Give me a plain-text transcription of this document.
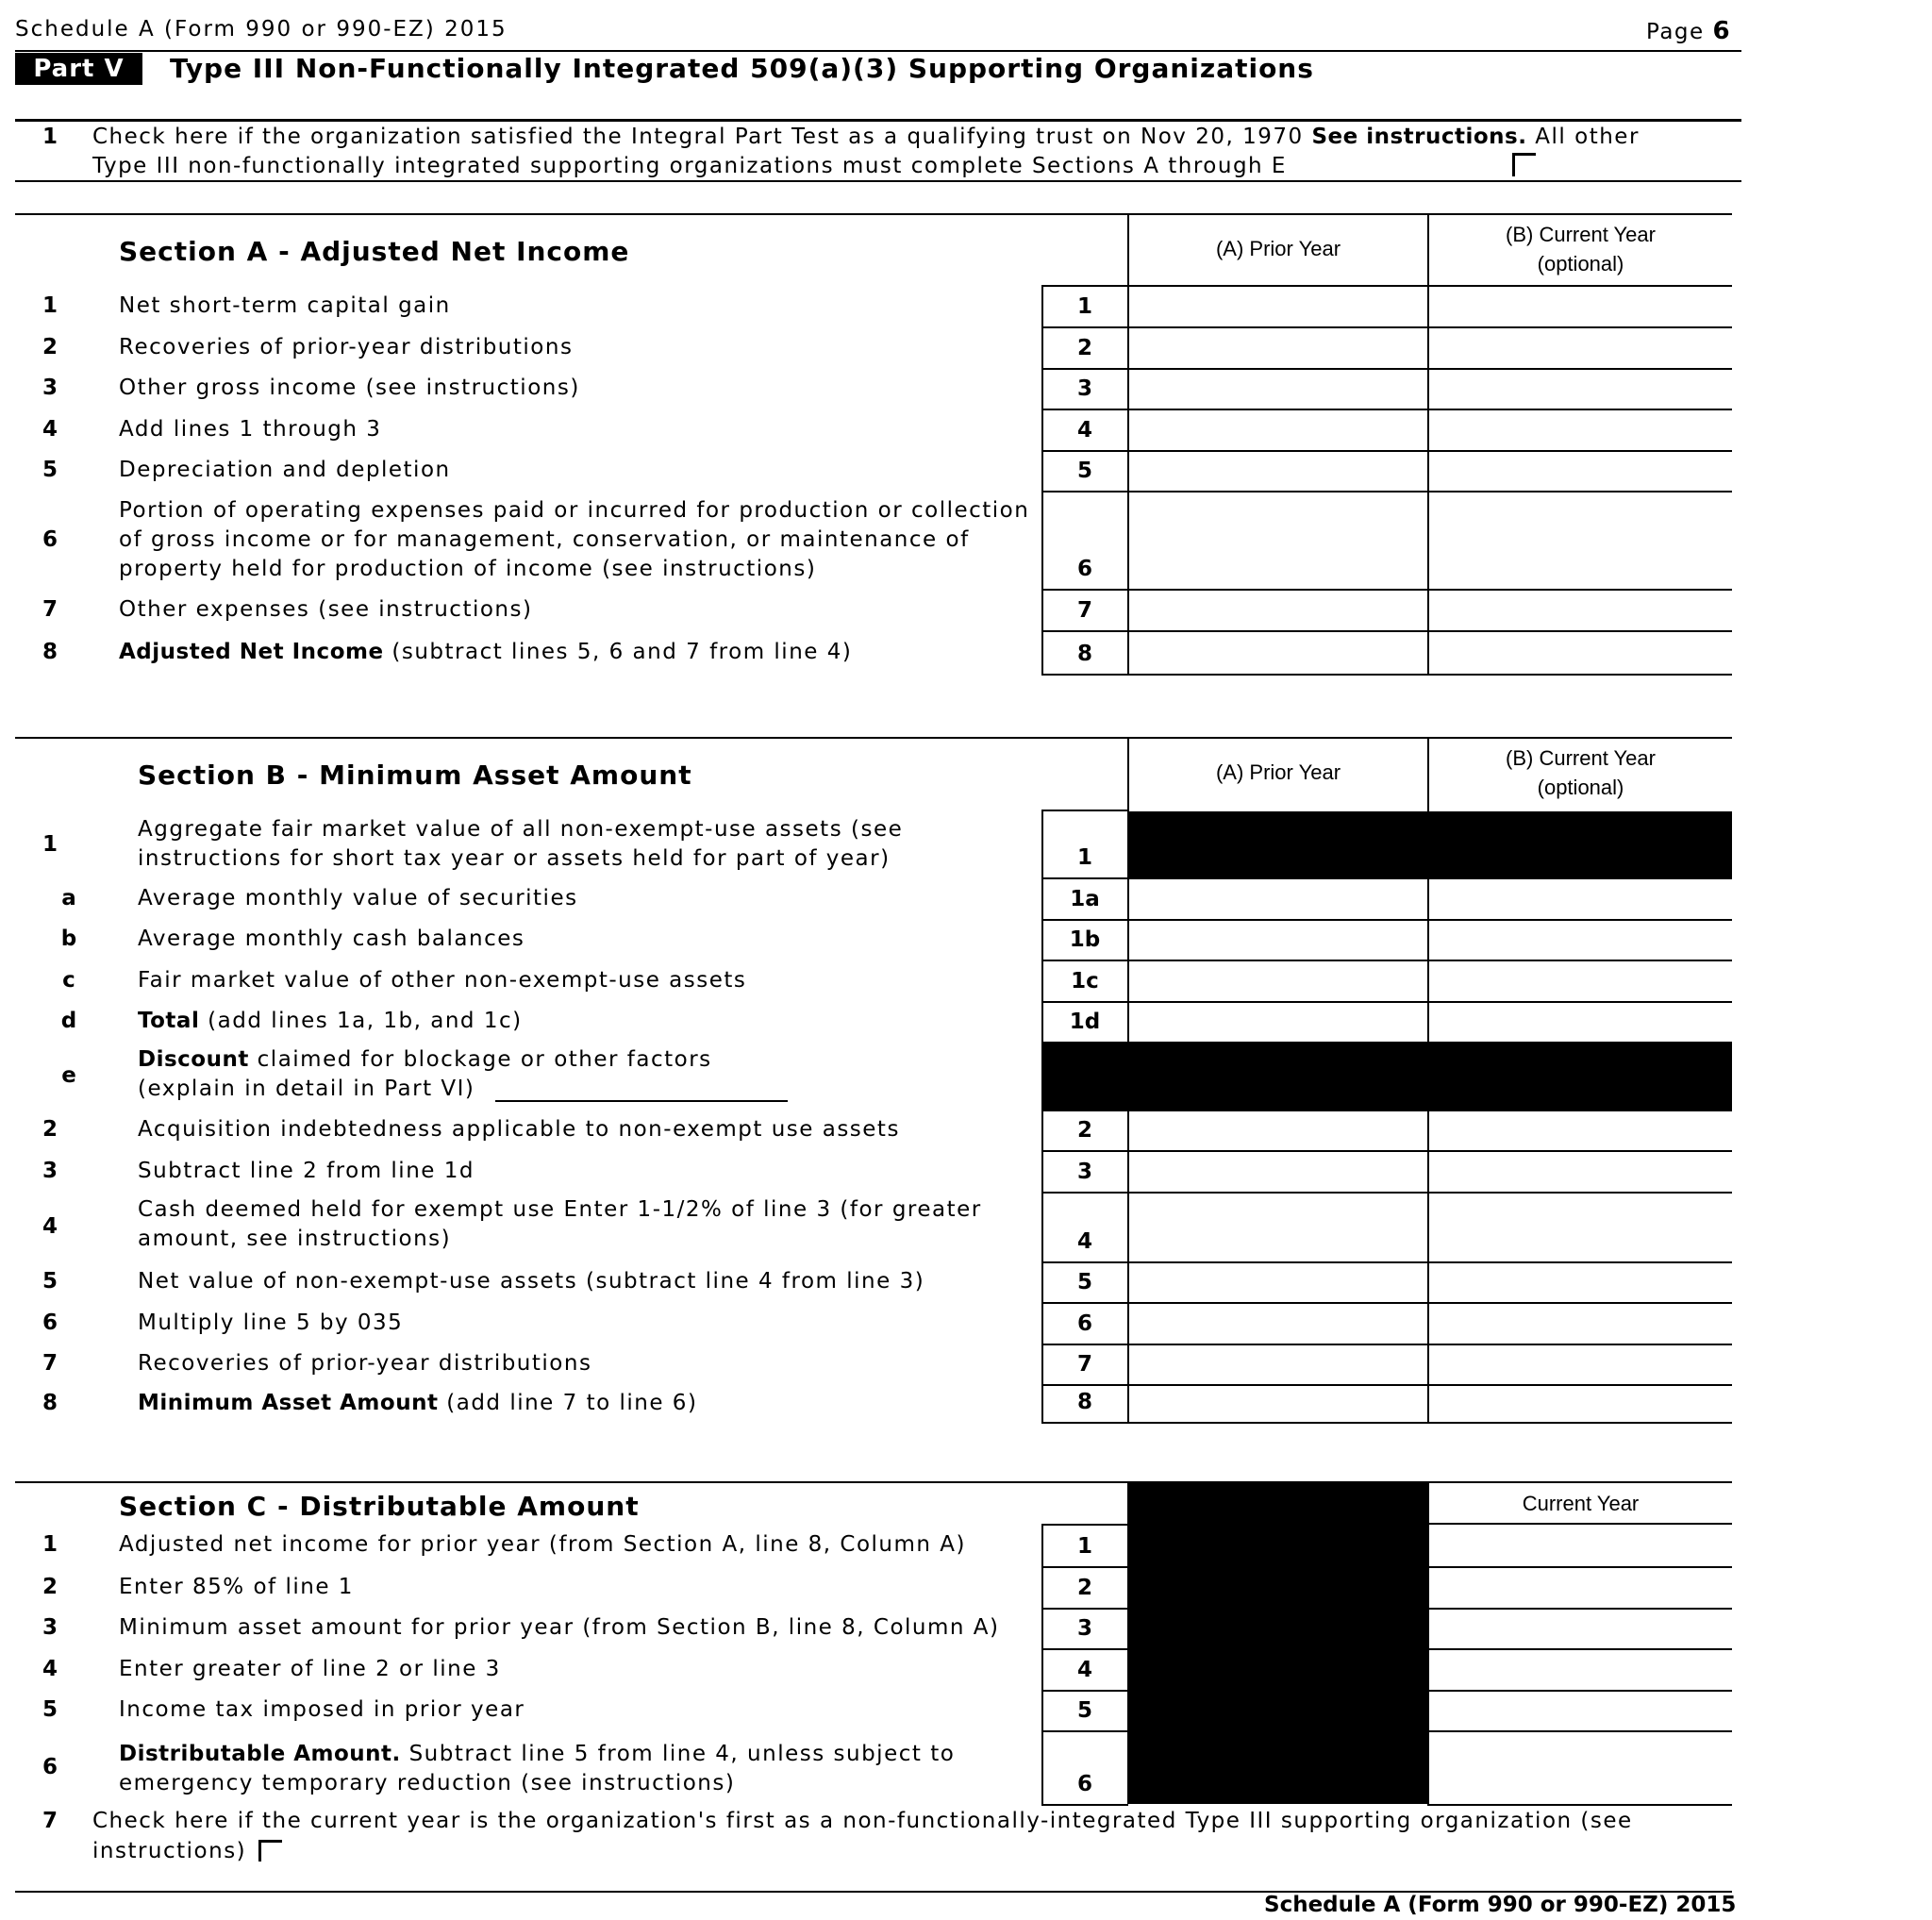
Schedule A (Form 990 or 990-EZ) 2015	Page 6
Part V	Type III Non-Functionally Integrated 509(a)(3) Supporting Organizations
1	Check here if the organization satisfied the Integral Part Test as a qualifying trust on Nov 20, 1970 See instructions. All other
Type III non-functionally integrated supporting organizations must complete Sections A through E
Section A - Adjusted Net Income	(A) Prior Year
(B) Current Year
(optional)
1	Net short-term capital gain	1
2	Recoveries of prior-year distributions	2
3	Other gross income (see instructions)	3
4	Add lines 1 through 3	4
5	Depreciation and depletion	5
6
Portion of operating expenses paid or incurred for production or collection of gross income or for management, conservation, or maintenance of property held for production of income (see instructions)	6
7	Other expenses (see instructions)	7
8	Adjusted Net Income (subtract lines 5, 6 and 7 from line 4)	8
Section B - Minimum Asset Amount	(A) Prior Year
(B) Current Year
(optional)
1
Aggregate fair market value of all non-exempt-use assets (see instructions for short tax year or assets held for part of year)	1
a	Average monthly value of securities	1a
b	Average monthly cash balances	1b
c	Fair market value of other non-exempt-use assets	1c
d	Total (add lines 1a, 1b, and 1c)	1d
e
Discount claimed for blockage or other factors
(explain in detail in Part VI)
2	Acquisition indebtedness applicable to non-exempt use assets	2
3	Subtract line 2 from line 1d	3
4
Cash deemed held for exempt use Enter 1-1/2% of line 3 (for greater amount, see instructions)	4
5	Net value of non-exempt-use assets (subtract line 4 from line 3)	5
6	Multiply line 5 by 035	6
7	Recoveries of prior-year distributions	7
8	Minimum Asset Amount (add line 7 to line 6)	8
Section C - Distributable Amount	Current Year
1	Adjusted net income for prior year (from Section A, line 8, Column A)	1
2	Enter 85% of line 1	2
3	Minimum asset amount for prior year (from Section B, line 8, Column A)	3
4	Enter greater of line 2 or line 3	4
5	Income tax imposed in prior year	5
6
Distributable Amount. Subtract line 5 from line 4, unless subject to emergency temporary reduction (see instructions)	6
7	Check here if the current year is the organization's first as a non-functionally-integrated Type III supporting organization (see instructions)
Schedule A (Form 990 or 990-EZ) 2015
